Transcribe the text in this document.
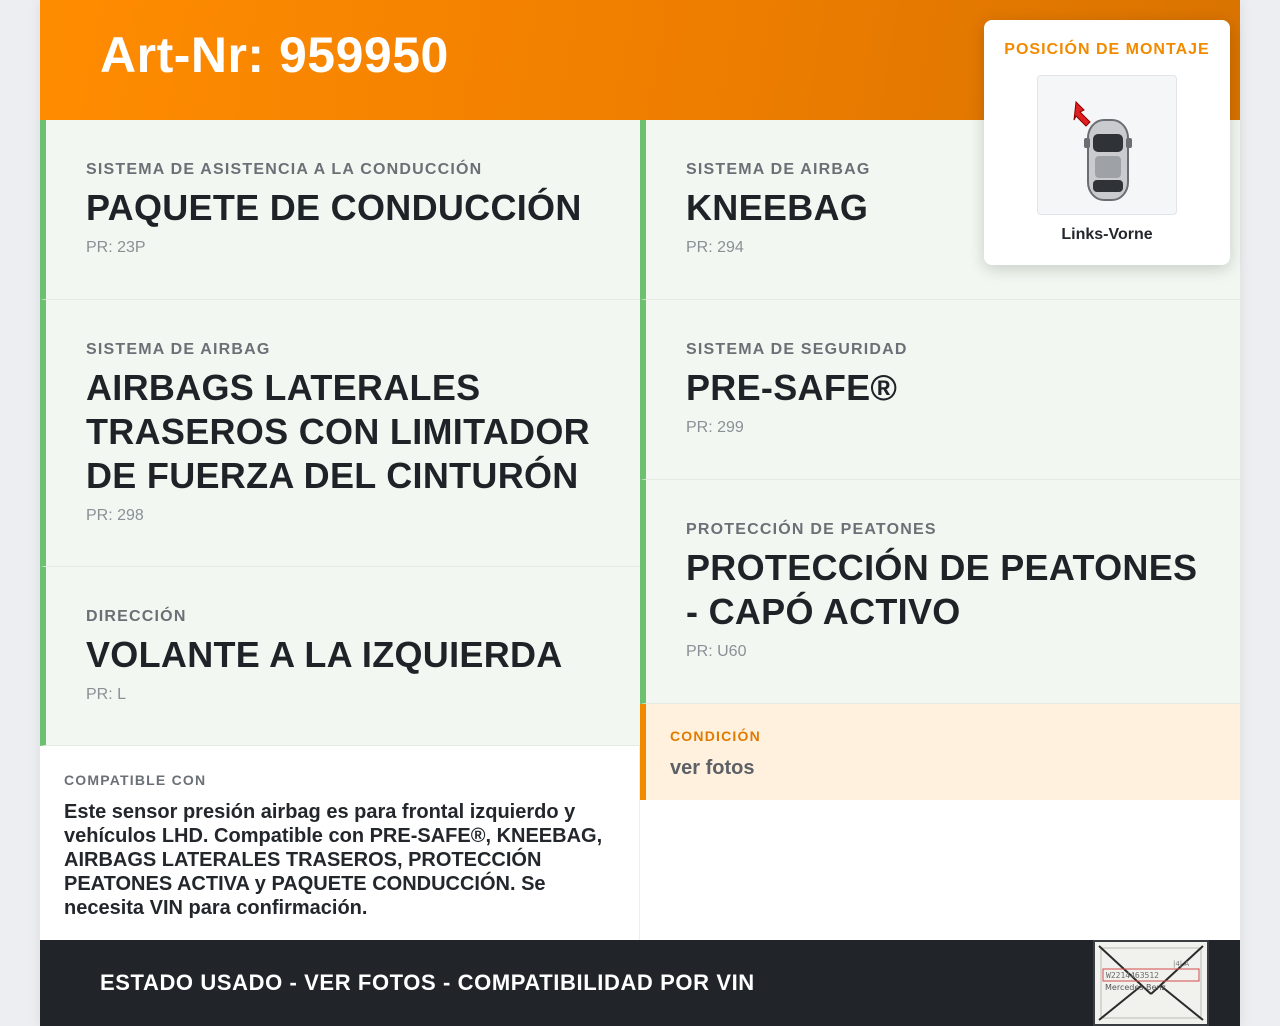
Art-Nr: 959950
SISTEMA DE ASISTENCIA A LA CONDUCCIÓN
PAQUETE DE CONDUCCIÓN
PR: 23P
SISTEMA DE AIRBAG
AIRBAGS LATERALES TRASEROS CON LIMITADOR DE FUERZA DEL CINTURÓN
PR: 298
DIRECCIÓN
VOLANTE A LA IZQUIERDA
PR: L
SISTEMA DE AIRBAG
KNEEBAG
PR: 294
SISTEMA DE SEGURIDAD
PRE-SAFE®
PR: 299
PROTECCIÓN DE PEATONES
PROTECCIÓN DE PEATONES - CAPÓ ACTIVO
PR: U60
COMPATIBLE CON
Este sensor presión airbag es para frontal izquierdo y vehículos LHD. Compatible con PRE-SAFE®, KNEEBAG, AIRBAGS LATERALES TRASEROS, PROTECCIÓN PEATONES ACTIVA y PAQUETE CONDUCCIÓN. Se necesita VIN para confirmación.
CONDICIÓN
ver fotos
ESTADO USADO - VER FOTOS - COMPATIBILIDAD POR VIN	W2214463512
Mercedes-Benz
|4| A
POSICIÓN DE MONTAJE
Links-Vorne
